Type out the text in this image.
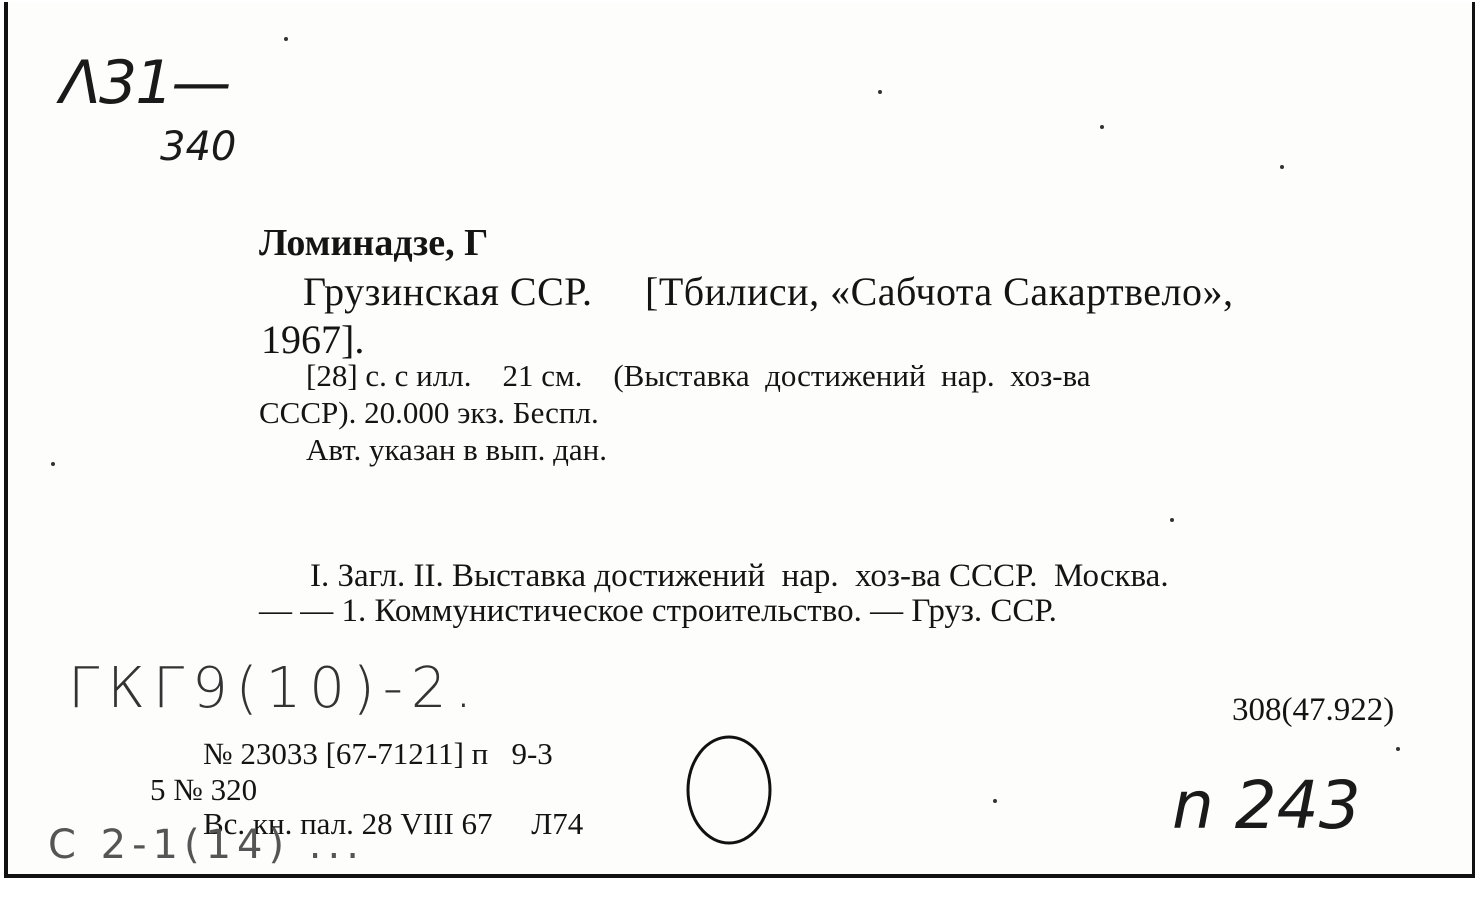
Λ31—
340
Ломинадзе, Г
Грузинская ССР.     [Тбилиси, «Сабчота Сакартвело»,
1967].
[28] с. с илл.    21 см.    (Выставка  достижений  нар.  хоз-ва
СССР). 20.000 экз. Беспл.
Авт. указан в вып. дан.
I. Загл. II. Выставка достижений  нар.  хоз-ва СССР.  Москва.
— — 1. Коммунистическое строительство. — Груз. ССР.
ГКГ9(10)-2.	308(47.922)
№ 23033 [67-71211] п   9-3
5 № 320
Вс. кн. пал. 28 VIII 67     Л74	n 243
С 2-1(14) ...
